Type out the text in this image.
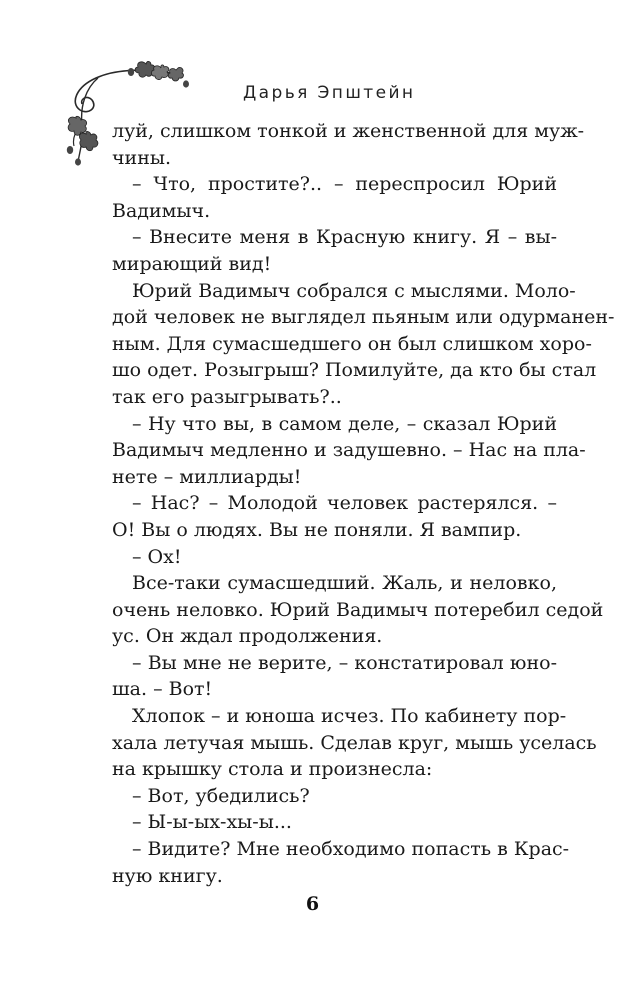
Дарья Эпштейн
луй, слишком тонкой и женственной для муж-
чины.
– Что, простите?.. – переспросил Юрий
Вадимыч.
– Внесите меня в Красную книгу. Я – вы-
мирающий вид!
Юрий Вадимыч собрался с мыслями. Моло-
дой человек не выглядел пьяным или одурманен-
ным. Для сумасшедшего он был слишком хоро-
шо одет. Розыгрыш? Помилуйте, да кто бы стал
так его разыгрывать?..
– Ну что вы, в самом деле, – сказал Юрий
Вадимыч медленно и задушевно. – Нас на пла-
нете – миллиарды!
– Нас? – Молодой человек растерялся. –
О! Вы о людях. Вы не поняли. Я вампир.
– Ох!
Все-таки сумасшедший. Жаль, и неловко,
очень неловко. Юрий Вадимыч потеребил седой
ус. Он ждал продолжения.
– Вы мне не верите, – констатировал юно-
ша. – Вот!
Хлопок – и юноша исчез. По кабинету пор-
хала летучая мышь. Сделав круг, мышь уселась
на крышку стола и произнесла:
– Вот, убедились?
– Ы-ы-ых-хы-ы...
– Видите? Мне необходимо попасть в Крас-
ную книгу.
6
